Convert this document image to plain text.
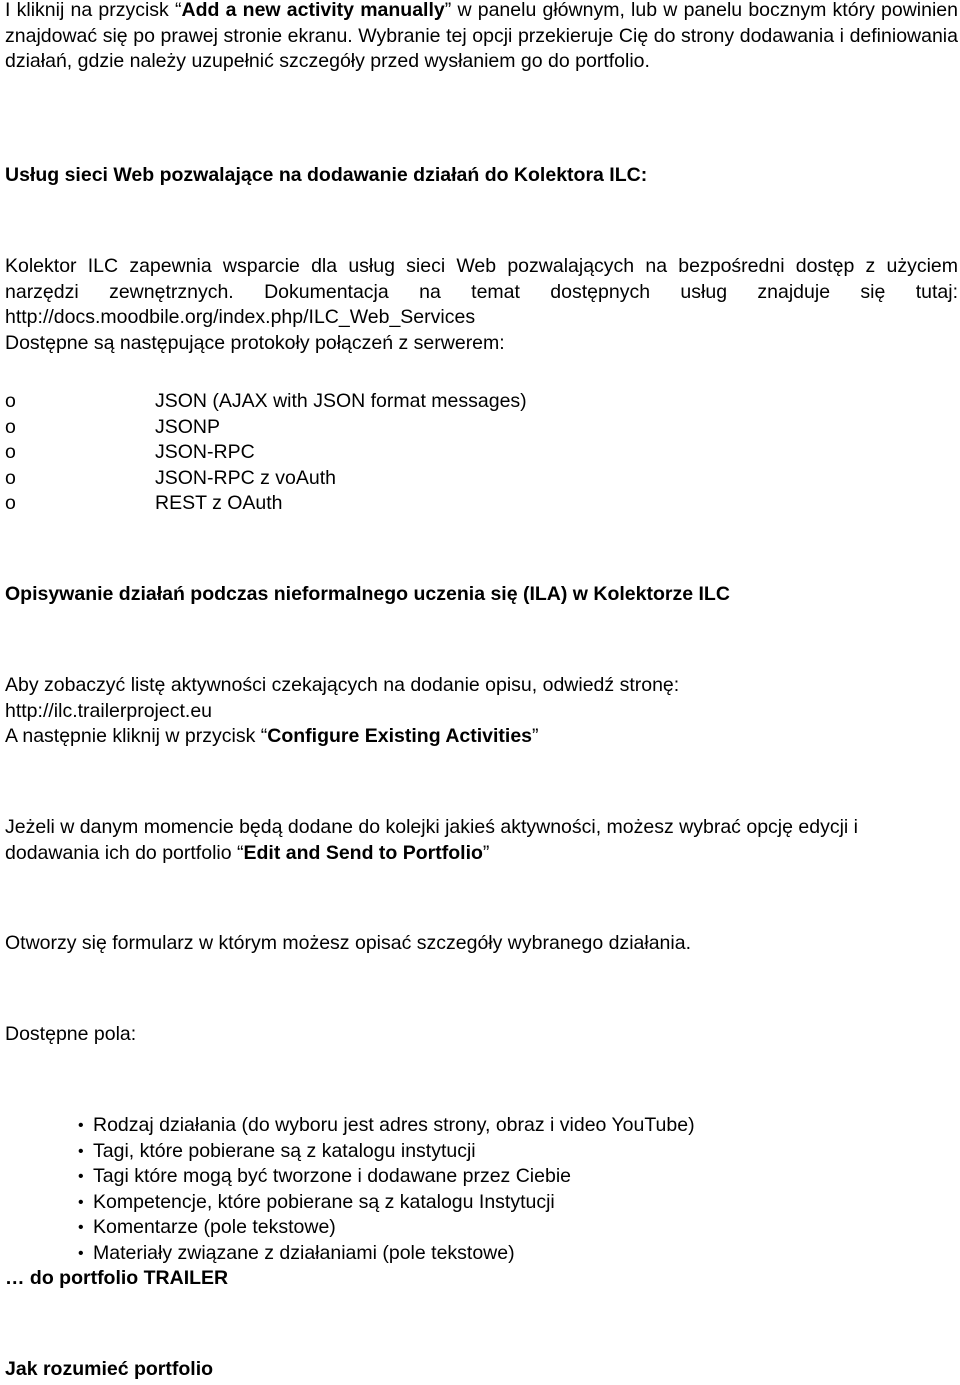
I kliknij na przycisk “Add a new activity manually” w panelu głównym, lub w panelu bocznym który powinien znajdować się po prawej stronie ekranu. Wybranie tej opcji przekieruje Cię do strony dodawania i definiowania działań, gdzie należy uzupełnić szczegóły przed wysłaniem go do portfolio.

Usług sieci Web pozwalające na dodawanie działań do Kolektora ILC:

Kolektor ILC zapewnia wsparcie dla usług sieci Web pozwalających na bezpośredni dostęp z użyciem narzędzi zewnętrznych. Dokumentacja na temat dostępnych usług znajduje się tutaj: http://docs.moodbile.org/index.php/ILC_Web_Services

Dostępne są następujące protokoły połączeń z serwerem:

o	JSON (AJAX with JSON format messages)
o	JSONP
o	JSON-RPC
o	JSON-RPC z voAuth
o	REST z OAuth

Opisywanie działań podczas nieformalnego uczenia się (ILA) w Kolektorze ILC

Aby zobaczyć listę aktywności czekających na dodanie opisu, odwiedź stronę: http://ilc.trailerproject.eu

A następnie kliknij w przycisk “Configure Existing Activities”

Jeżeli w danym momencie będą dodane do kolejki jakieś aktywności, możesz wybrać opcję edycji i dodawania ich do portfolio “Edit and Send to Portfolio”

Otworzy się formularz w którym możesz opisać szczegóły wybranego działania.

Dostępne pola:

• Rodzaj działania (do wyboru jest adres strony, obraz i video YouTube)
• Tagi, które pobierane są z katalogu instytucji
• Tagi które mogą być tworzone i dodawane przez Ciebie
• Kompetencje, które pobierane są z katalogu Instytucji
• Komentarze (pole tekstowe)
• Materiały związane z działaniami (pole tekstowe)

… do portfolio TRAILER

Jak rozumieć portfolio
